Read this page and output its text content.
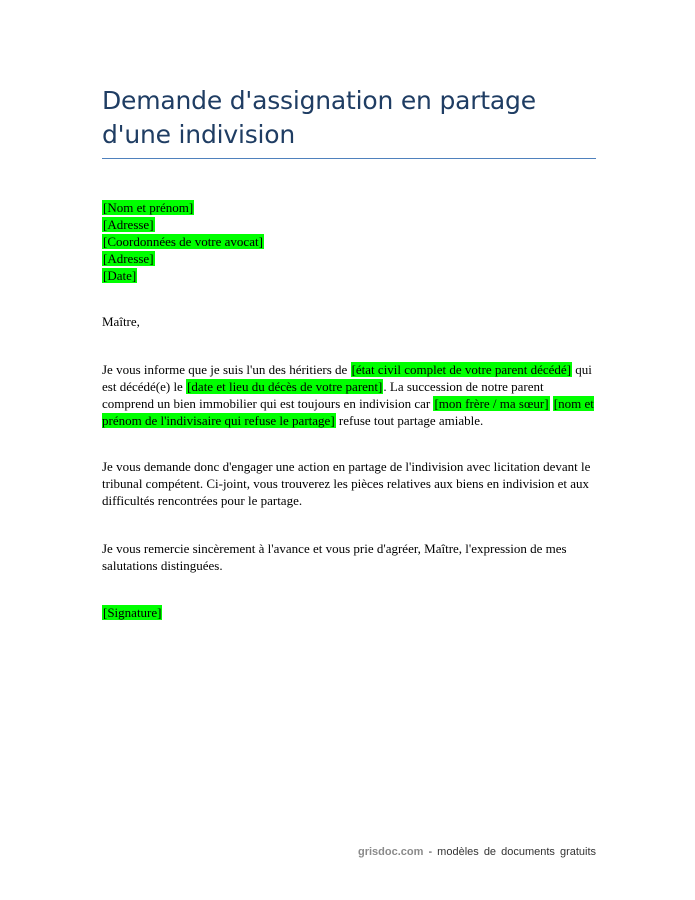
Demande d'assignation en partage
d'une indivision
[Nom et prénom]
[Adresse]
[Coordonnées de votre avocat]
[Adresse]
[Date]
Maître,
Je vous informe que je suis l'un des héritiers de [état civil complet de votre parent décédé] qui est décédé(e) le [date et lieu du décès de votre parent]. La succession de notre parent comprend un bien immobilier qui est toujours en indivision car [mon frère / ma sœur] [nom et prénom de l'indivisaire qui refuse le partage] refuse tout partage amiable.
Je vous demande donc d'engager une action en partage de l'indivision avec licitation devant le tribunal compétent. Ci-joint, vous trouverez les pièces relatives aux biens en indivision et aux difficultés rencontrées pour le partage.
Je vous remercie sincèrement à l'avance et vous prie d'agréer, Maître, l'expression de mes salutations distinguées.
[Signature]
grisdoc.com - modèles de documents gratuits
